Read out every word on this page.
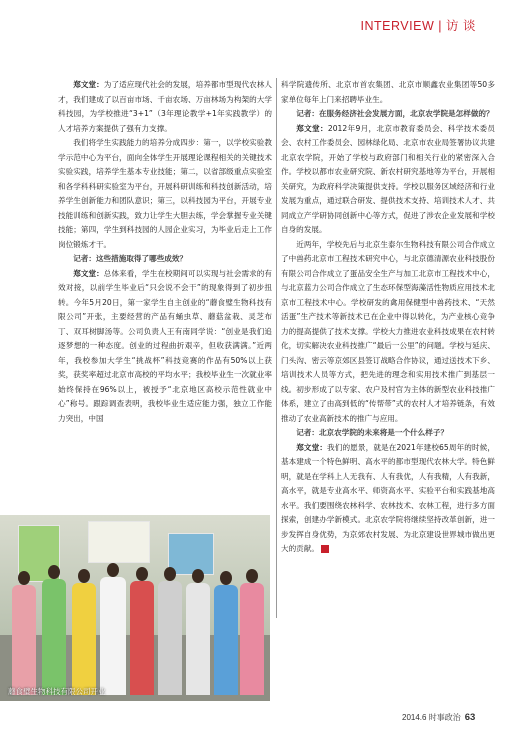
INTERVIEW | 访 谈

郑文堂：为了适应现代社会的发展，培养都市型现代农林人才，我们建成了以百亩市场、千亩农场、万亩林场为构架的大学科技园，为学校推进“3+1”（3年理论教学+1年实践教学）的人才培养方案提供了强有力支撑。

我们将学生实践能力的培养分成四步：第一，以学校实验教学示范中心为平台，面向全体学生开展理论课程相关的关键技术实验实践，培养学生基本专业技能；第二，以省部级重点实验室和各学科科研实验室为平台，开展科研训练和科技创新活动，培养学生创新能力和团队意识；第三，以科技园为平台，开展专业技能训练和创新实践，致力让学生大胆去练，学会掌握专业关键技能；第四，学生到科技园的人园企业实习，为毕业后走上工作岗位锻炼才干。

记者：这些措施取得了哪些成效？

郑文堂：总体来看，学生在校期间可以实现与社会需求的有效对接，以前学生毕业后“只会说不会干”的现象得到了初步扭转。今年5月20日，第一家学生自主创业的“蘑食璧生物科技有限公司”开张，主要经营的产品有蛹虫草、蘑菇盆栽、灵芝布丁、双耳树脚汤等。公司负责人王有南同学说：“创业是我们追逐梦想的一种态度。创业的过程曲折艰辛，但收获满满。”近两年，我校参加大学生“挑战杯”科技竞赛的作品有50%以上获奖，获奖率超过北京市高校的平均水平；我校毕业生一次就业率始终保持在96%以上，被授予“北京地区高校示范性就业中心”称号。跟踪调查表明，我校毕业生适应能力强，独立工作能力突出，中国

科学院遗传所、北京市首农集团、北京市顺鑫农业集团等50多家单位每年上门来招聘毕业生。

记者：在服务经济社会发展方面，北京农学院是怎样做的？

郑文堂：2012年9月，北京市教育委员会、科学技术委员会、农村工作委员会、园林绿化局、北京市农业局签署协议共建北京农学院，开始了学校与政府部门和相关行业的紧密深入合作。学校以都市农业研究院、新农村研究基地等为平台，开展相关研究，为政府科学决策提供支持。学校以服务区域经济和行业发展为重点，通过联合研发、提供技术支持、培训技术人才、共同成立产学研协同创新中心等方式，促进了涉农企业发展和学校自身的发展。

近两年，学校先后与北京生泰尔生物科技有限公司合作成立了中兽药北京市工程技术研究中心，与北京德清源农业科技股份有限公司合作成立了蛋品安全生产与加工北京市工程技术中心，与北京蓝力公司合作成立了生态环保型海藻活性物质应用技术北京市工程技术中心。学校研发的禽用保健型中兽药技术、“天然活蛋”生产技术等新技术已在企业中得以转化，为产业核心竞争力的提高提供了技术支撑。学校大力推进农业科技成果在农村转化，切实解决农业科技推广“最后一公里”的问题。学校与延庆、门头沟、密云等京郊区县签订战略合作协议，通过送技术下乡、培训技术人员等方式，把先进的理念和实用技术推广到基层一线。初步形成了以专家、农户及村官为主体的新型农业科技推广体系，建立了由高到低的“传帮带”式的农村人才培养链条，有效推动了农业高新技术的推广与应用。

记者：北京农学院的未来将是一个什么样子？

郑文堂：我们的愿景，就是在2021年建校65周年的时候，基本建成一个特色鲜明、高水平的都市型现代农林大学。特色鲜明，就是在学科上人无我有、人有我优，人有我精，人有我新，高水平，就是专业高水平、师资高水平、实验平台和实践基地高水平。我们要围绕农林科学、农林技术、农林工程，进行多方面探索，创建办学新模式。北京农学院将继续坚持改革创新，进一步发挥自身优势，为京郊农村发展、为北京建设世界城市做出更大的贡献。

蘑食璧生物科技有限公司开业
2014.6 时事政治 63
